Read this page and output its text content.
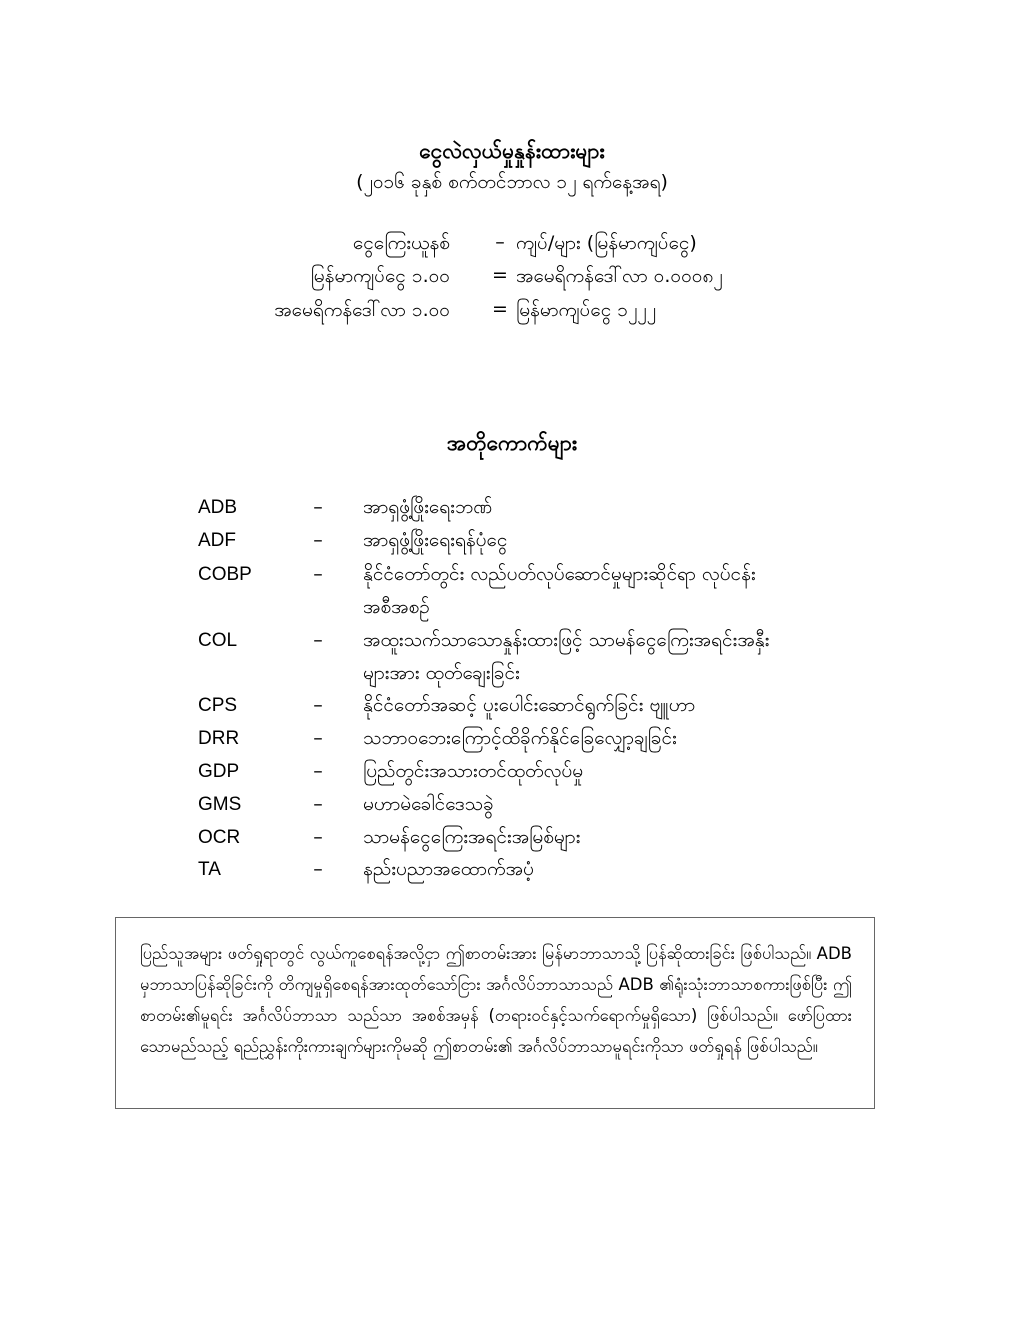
ငွေလဲလှယ်မှုနှုန်းထားများ
(၂၀၁၆ ခုနှစ် စက်တင်ဘာလ ၁၂ ရက်နေ့အရ)
ငွေကြေးယူနစ် – ကျပ်/များ (မြန်မာကျပ်ငွေ)
မြန်မာကျပ်ငွေ ၁.၀၀ = အမေရိကန်ဒေါ်လာ ၀.၀၀၀၈၂
အမေရိကန်ဒေါ်လာ ၁.၀၀ = မြန်မာကျပ်ငွေ ၁၂၂၂
အတိုကောက်များ
ADB	– အာရှဖွံ့ဖြိုးရေးဘဏ်
ADF	– အာရှဖွံ့ဖြိုးရေးရန်ပုံငွေ
COBP	– နိုင်ငံတော်တွင်း လည်ပတ်လုပ်ဆောင်မှုများဆိုင်ရာ လုပ်ငန်းအစီအစဉ်
COL	– အထူးသက်သာသောနှုန်းထားဖြင့် သာမန်ငွေကြေးအရင်းအနှီးများအား ထုတ်ချေးခြင်း
CPS	– နိုင်ငံတော်အဆင့် ပူးပေါင်းဆောင်ရွက်ခြင်း ဗျူဟာ
DRR	– သဘာဝဘေးကြောင့်ထိခိုက်နိုင်ခြေလျှော့ချခြင်း
GDP	– ပြည်တွင်းအသားတင်ထုတ်လုပ်မှု
GMS	– မဟာမဲခေါင်ဒေသခွဲ
OCR	– သာမန်ငွေကြေးအရင်းအမြစ်များ
TA	– နည်းပညာအထောက်အပံ့
ပြည်သူအများ ဖတ်ရှုရာတွင် လွယ်ကူစေရန်အလို့ငှာ ဤစာတမ်းအား မြန်မာဘာသာသို့ ပြန်ဆိုထားခြင်း ဖြစ်ပါသည်။ ADB မှဘာသာပြန်ဆိုခြင်းကို တိကျမှုရှိစေရန်အားထုတ်သော်ငြား အင်္ဂလိပ်ဘာသာသည် ADB ၏ရုံးသုံးဘာသာစကားဖြစ်ပြီး ဤစာတမ်း၏မူရင်း အင်္ဂလိပ်ဘာသာ သည်သာ အစစ်အမှန် (တရားဝင်နှင့်သက်ရောက်မှုရှိသော) ဖြစ်ပါသည်။ ဖော်ပြထားသောမည်သည့် ရည်ညွှန်းကိုးကားချက်များကိုမဆို ဤစာတမ်း၏ အင်္ဂလိပ်ဘာသာမူရင်းကိုသာ ဖတ်ရှုရန် ဖြစ်ပါသည်။
